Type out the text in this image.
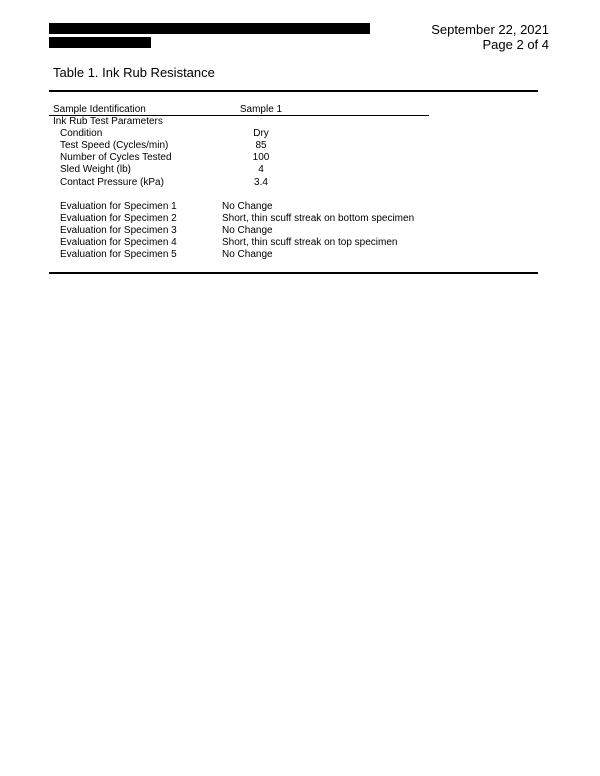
September 22, 2021
Page 2 of 4
Table 1. Ink Rub Resistance
Sample Identification	Sample 1
Ink Rub Test Parameters
Condition	Dry
Test Speed (Cycles/min)	85
Number of Cycles Tested	100
Sled Weight (lb)	4
Contact Pressure (kPa)	3.4
Evaluation for Specimen 1	No Change
Evaluation for Specimen 2	Short, thin scuff streak on bottom specimen
Evaluation for Specimen 3	No Change
Evaluation for Specimen 4	Short, thin scuff streak on top specimen
Evaluation for Specimen 5	No Change
